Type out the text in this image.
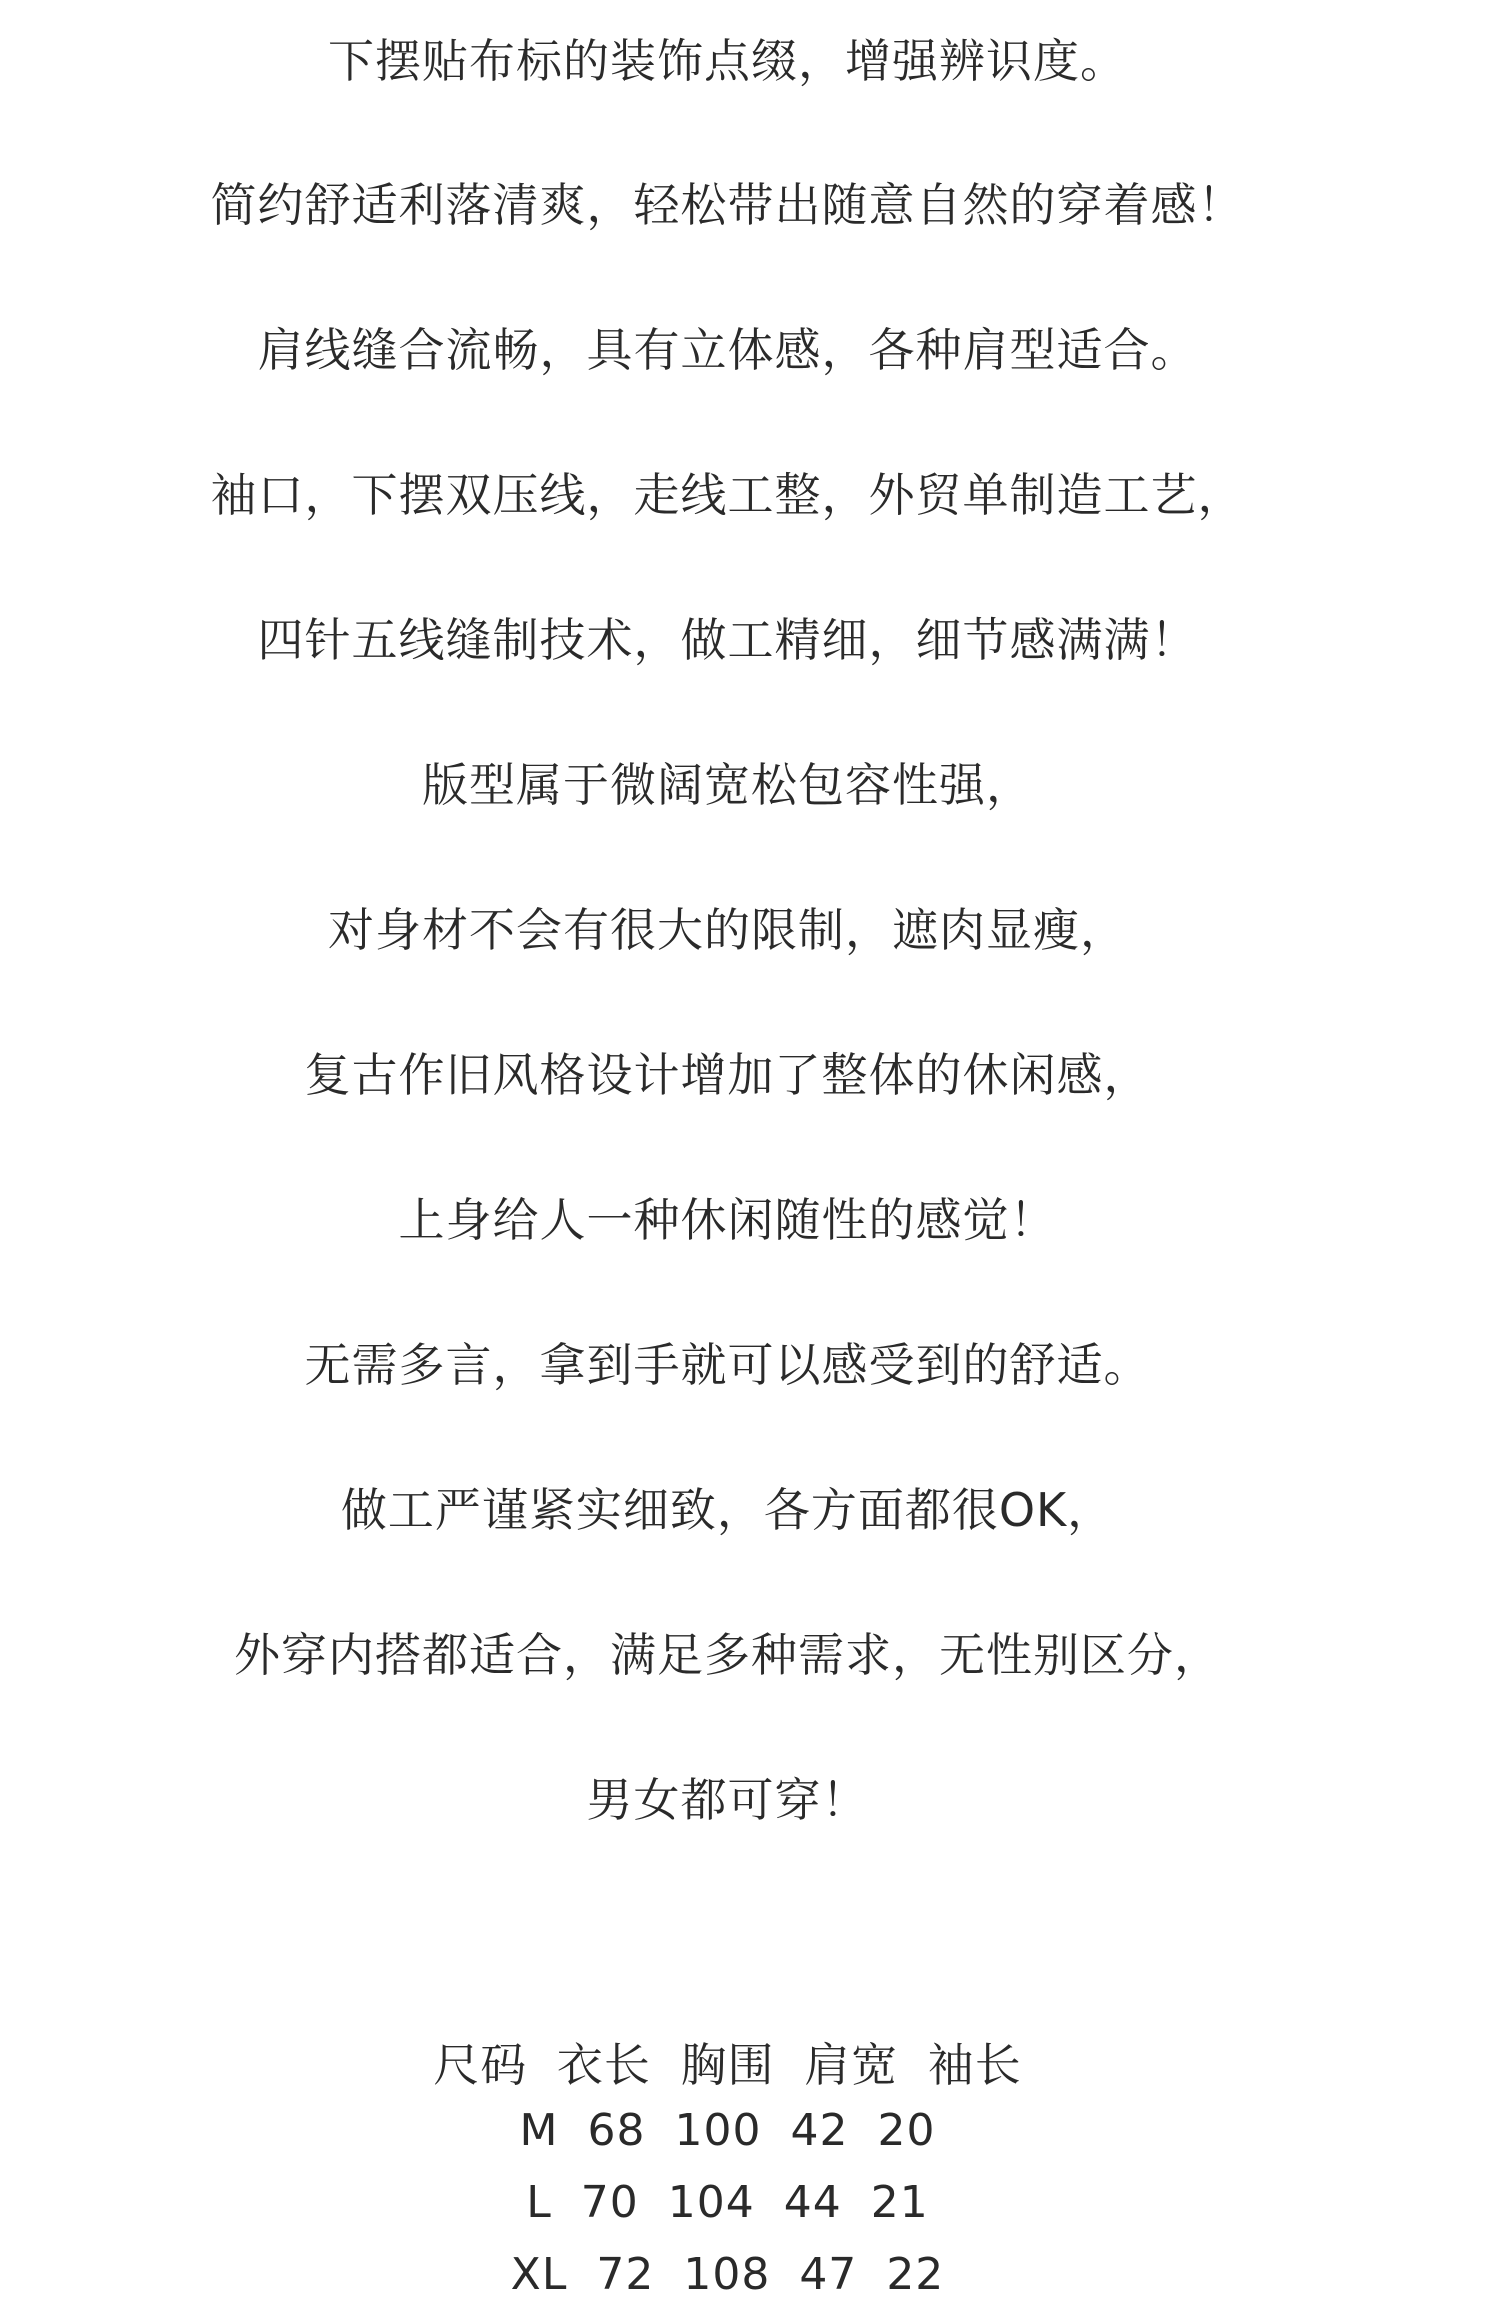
下摆贴布标的装饰点缀，增强辨识度。
简约舒适利落清爽，轻松带出随意自然的穿着感！
肩线缝合流畅，具有立体感，各种肩型适合。
袖口，下摆双压线，走线工整，外贸单制造工艺，
四针五线缝制技术，做工精细，细节感满满！
版型属于微阔宽松包容性强，
对身材不会有很大的限制，遮肉显瘦，
复古作旧风格设计增加了整体的休闲感，
上身给人一种休闲随性的感觉！
无需多言，拿到手就可以感受到的舒适。
做工严谨紧实细致，各方面都很OK，
外穿内搭都适合，满足多种需求，无性别区分，
男女都可穿！
尺码 衣长 胸围 肩宽 袖长
M 68 100 42 20
L 70 104 44 21
XL 72 108 47 22
